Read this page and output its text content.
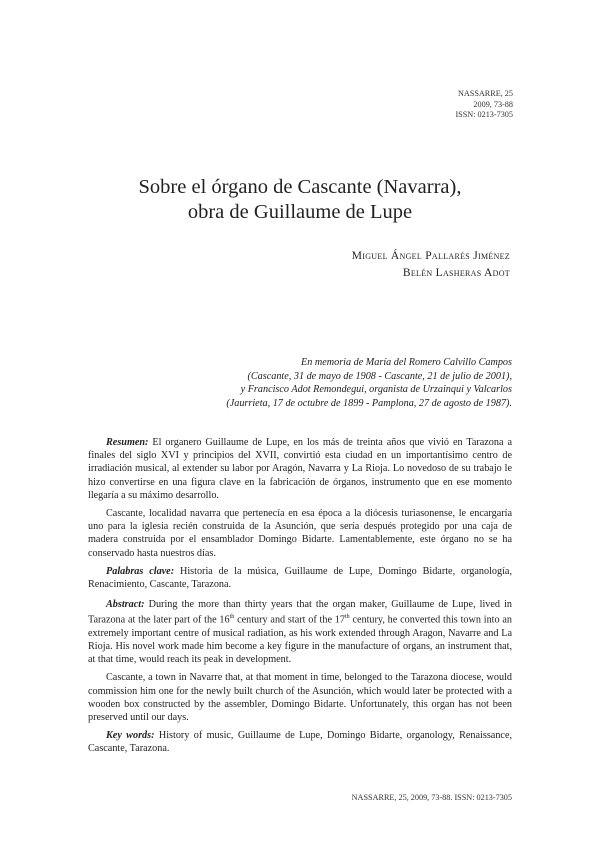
NASSARRE, 25
2009, 73-88
ISSN: 0213-7305
Sobre el órgano de Cascante (Navarra),
obra de Guillaume de Lupe
Miguel Ángel Pallarés Jiménez
Belén Lasheras Adot
En memoria de María del Romero Calvillo Campos
(Cascante, 31 de mayo de 1908 - Cascante, 21 de julio de 2001),
y Francisco Adot Remondegui, organista de Urzainqui y Valcarlos
(Jaurrieta, 17 de octubre de 1899 - Pamplona, 27 de agosto de 1987).

Resumen: El organero Guillaume de Lupe, en los más de treinta años que vivió en Tarazona a finales del siglo XVI y principios del XVII, convirtió esta ciudad en un importantísimo centro de irradiación musical, al extender su labor por Aragón, Navarra y La Rioja. Lo novedoso de su trabajo le hizo convertirse en una figura clave en la fabricación de órganos, instrumento que en ese momento llegaría a su máximo desarrollo.

Cascante, localidad navarra que pertenecía en esa época a la diócesis turiasonense, le encargaría uno para la iglesia recién construida de la Asunción, que sería después protegido por una caja de madera construida por el ensamblador Domingo Bidarte. Lamentablemente, este órgano no se ha conservado hasta nuestros días.

Palabras clave: Historia de la música, Guillaume de Lupe, Domingo Bidarte, organología, Renacimiento, Cascante, Tarazona.

Abstract: During the more than thirty years that the organ maker, Guillaume de Lupe, lived in Tarazona at the later part of the 16th century and start of the 17th century, he converted this town into an extremely important centre of musical radiation, as his work extended through Aragon, Navarre and La Rioja. His novel work made him become a key figure in the manufacture of organs, an instrument that, at that time, would reach its peak in development.

Cascante, a town in Navarre that, at that moment in time, belonged to the Tarazona diocese, would commission him one for the newly built church of the Asunción, which would later be protected with a wooden box constructed by the assembler, Domingo Bidarte. Unfortunately, this organ has not been preserved until our days.

Key words: History of music, Guillaume de Lupe, Domingo Bidarte, organology, Renaissance, Cascante, Tarazona.

NASSARRE, 25, 2009, 73-88. ISSN: 0213-7305
